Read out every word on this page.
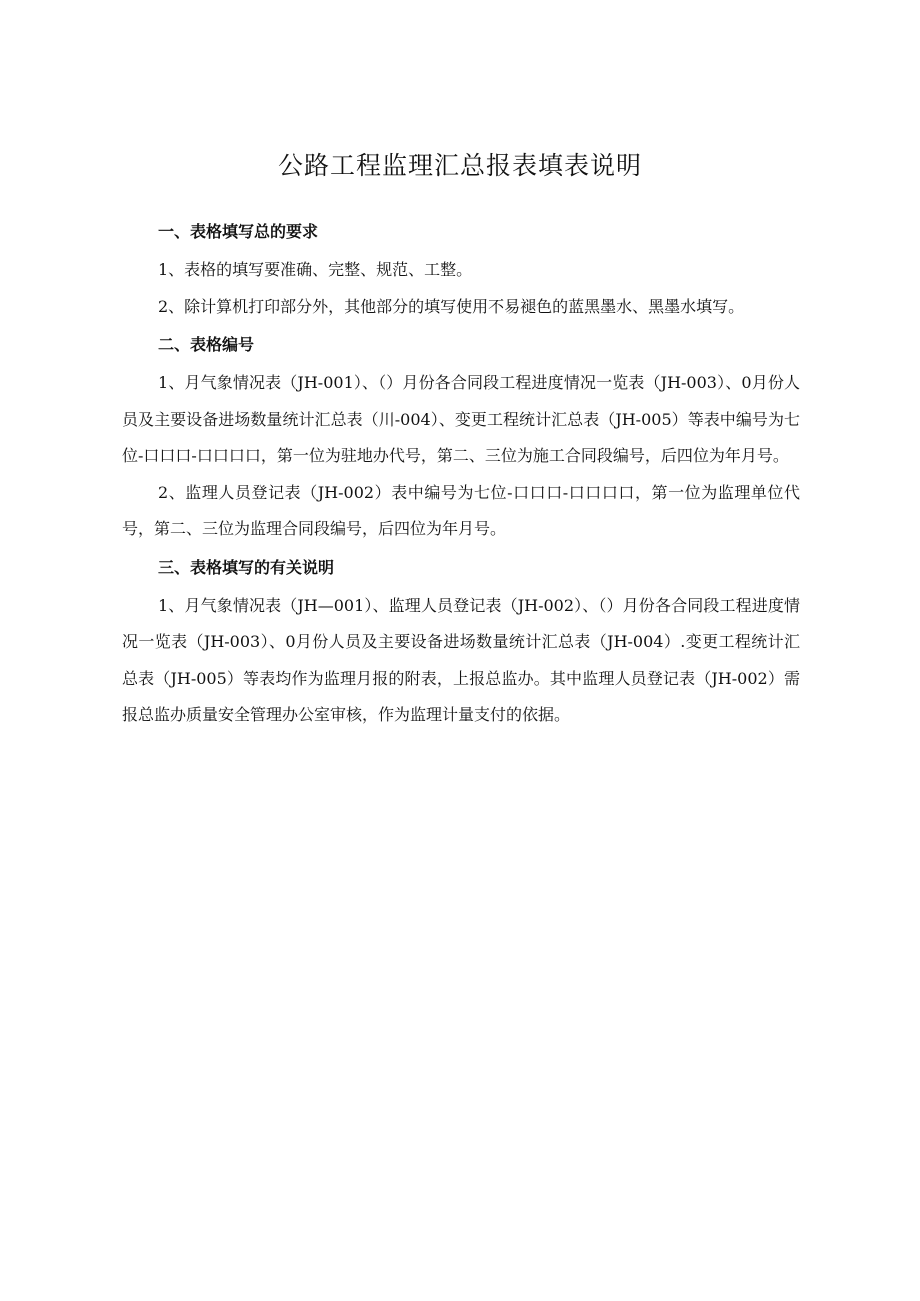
公路工程监理汇总报表填表说明
一、表格填写总的要求

1、表格的填写要准确、完整、规范、工整。

2、除计算机打印部分外，其他部分的填写使用不易褪色的蓝黑墨水、黑墨水填写。

二、表格编号

1、月气象情况表（JH-001）、（）月份各合同段工程进度情况一览表（JH-003）、0月份人员及主要设备进场数量统计汇总表（川-004）、变更工程统计汇总表（JH-005）等表中编号为七位-口口口-口口口口，第一位为驻地办代号，第二、三位为施工合同段编号，后四位为年月号。

2、监理人员登记表（JH-002）表中编号为七位-口口口-口口口口，第一位为监理单位代号，第二、三位为监理合同段编号，后四位为年月号。

三、表格填写的有关说明

1、月气象情况表（JH—001）、监理人员登记表（JH-002）、（）月份各合同段工程进度情况一览表（JH-003）、0月份人员及主要设备进场数量统计汇总表（JH-004）.变更工程统计汇总表（JH-005）等表均作为监理月报的附表，上报总监办。其中监理人员登记表（JH-002）需报总监办质量安全管理办公室审核，作为监理计量支付的依据。
